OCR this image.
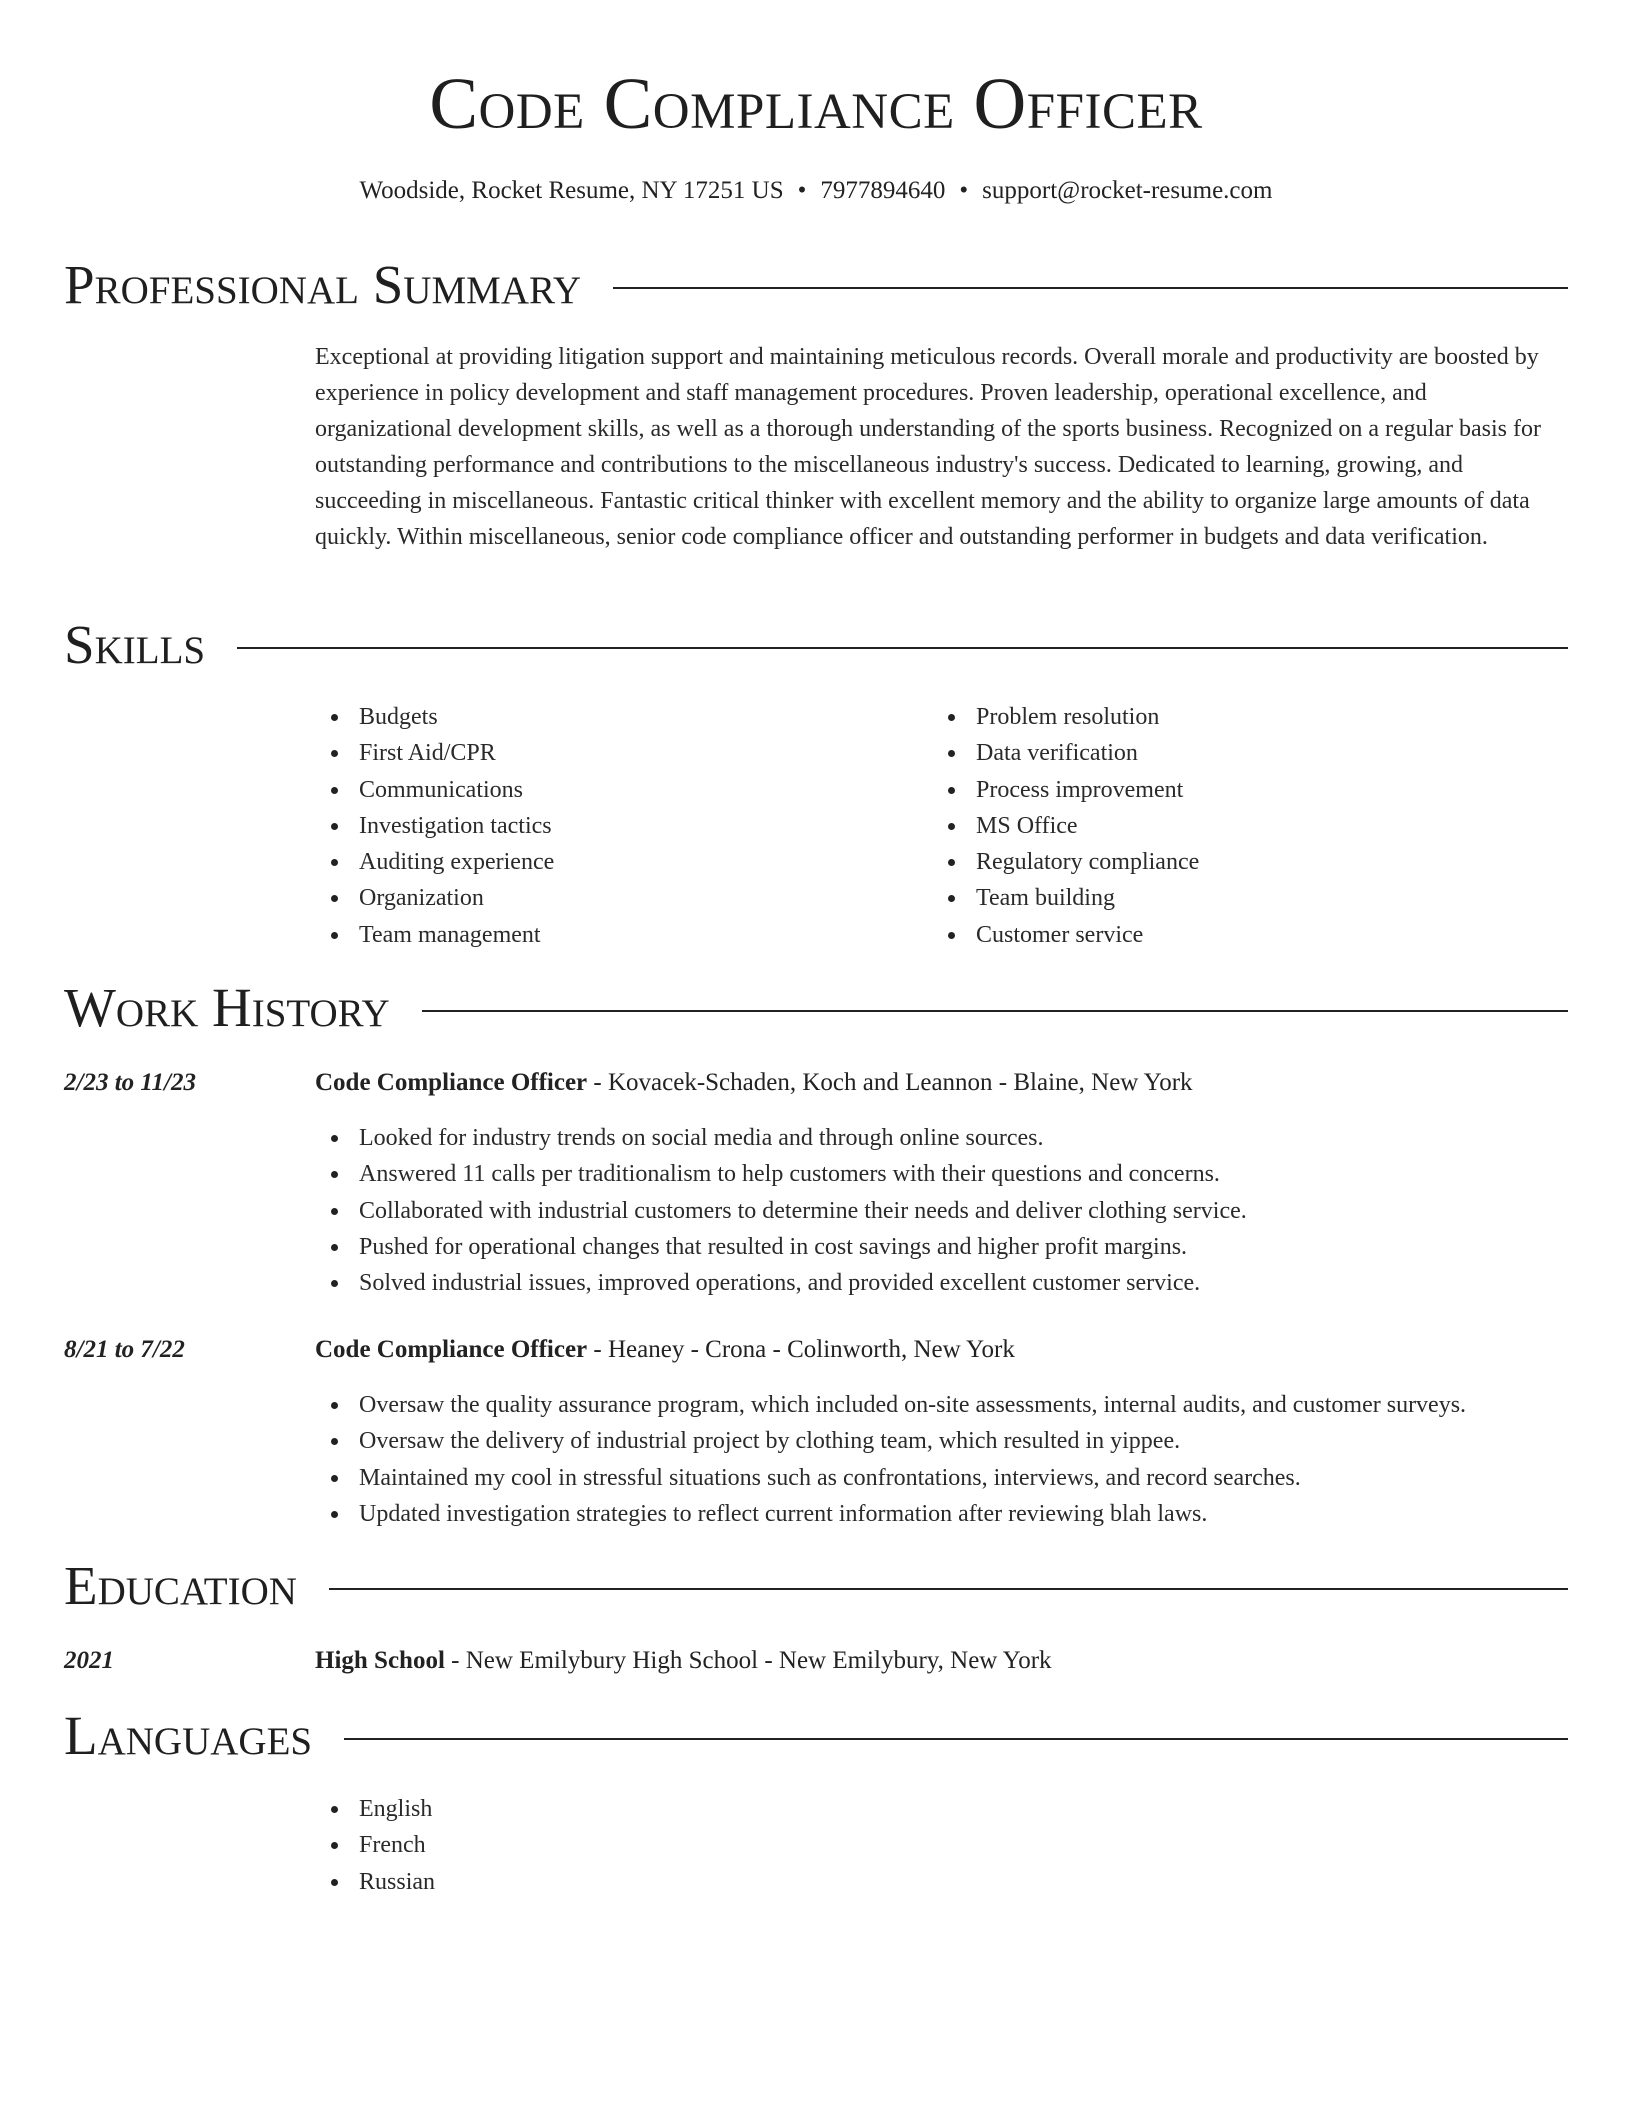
Code Compliance Officer
Woodside, Rocket Resume, NY 17251 US • 7977894640 • support@rocket-resume.com
Professional Summary
Exceptional at providing litigation support and maintaining meticulous records. Overall morale and productivity are boosted by experience in policy development and staff management procedures. Proven leadership, operational excellence, and organizational development skills, as well as a thorough understanding of the sports business. Recognized on a regular basis for outstanding performance and contributions to the miscellaneous industry's success. Dedicated to learning, growing, and succeeding in miscellaneous. Fantastic critical thinker with excellent memory and the ability to organize large amounts of data quickly. Within miscellaneous, senior code compliance officer and outstanding performer in budgets and data verification.
Skills
Budgets
First Aid/CPR
Communications
Investigation tactics
Auditing experience
Organization
Team management
Problem resolution
Data verification
Process improvement
MS Office
Regulatory compliance
Team building
Customer service
Work History
2/23 to 11/23	Code Compliance Officer - Kovacek-Schaden, Koch and Leannon - Blaine, New York
Looked for industry trends on social media and through online sources.
Answered 11 calls per traditionalism to help customers with their questions and concerns.
Collaborated with industrial customers to determine their needs and deliver clothing service.
Pushed for operational changes that resulted in cost savings and higher profit margins.
Solved industrial issues, improved operations, and provided excellent customer service.
8/21 to 7/22	Code Compliance Officer - Heaney - Crona - Colinworth, New York
Oversaw the quality assurance program, which included on-site assessments, internal audits, and customer surveys.
Oversaw the delivery of industrial project by clothing team, which resulted in yippee.
Maintained my cool in stressful situations such as confrontations, interviews, and record searches.
Updated investigation strategies to reflect current information after reviewing blah laws.
Education
2021	High School - New Emilybury High School - New Emilybury, New York
Languages
English
French
Russian
